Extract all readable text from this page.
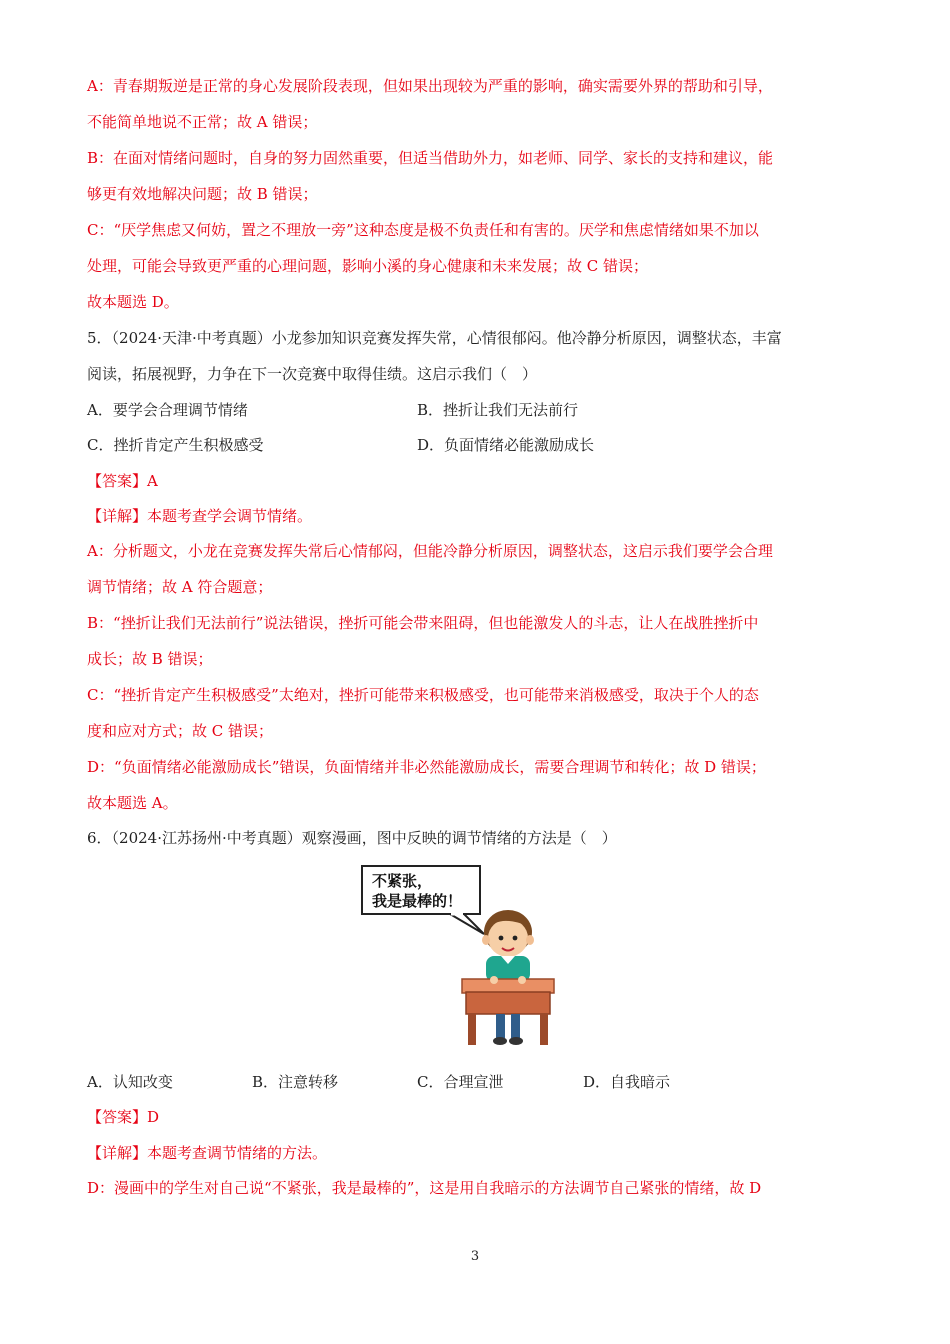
A：青春期叛逆是正常的身心发展阶段表现，但如果出现较为严重的影响，确实需要外界的帮助和引导，

不能简单地说不正常；故 A 错误；

B：在面对情绪问题时，自身的努力固然重要，但适当借助外力，如老师、同学、家长的支持和建议，能

够更有效地解决问题；故 B 错误；

C：“厌学焦虑又何妨，置之不理放一旁”这种态度是极不负责任和有害的。厌学和焦虑情绪如果不加以

处理，可能会导致更严重的心理问题，影响小溪的身心健康和未来发展；故 C 错误；

故本题选 D。

5．（2024·天津·中考真题）小龙参加知识竞赛发挥失常，心情很郁闷。他冷静分析原因，调整状态，丰富

阅读，拓展视野，力争在下一次竞赛中取得佳绩。这启示我们（　）

A．要学会合理调节情绪	B．挫折让我们无法前行
C．挫折肯定产生积极感受	D．负面情绪必能激励成长

【答案】A

【详解】本题考查学会调节情绪。

A：分析题文，小龙在竞赛发挥失常后心情郁闷，但能冷静分析原因，调整状态，这启示我们要学会合理

调节情绪；故 A 符合题意；

B：“挫折让我们无法前行”说法错误，挫折可能会带来阻碍，但也能激发人的斗志，让人在战胜挫折中

成长；故 B 错误；

C：“挫折肯定产生积极感受”太绝对，挫折可能带来积极感受，也可能带来消极感受，取决于个人的态

度和应对方式；故 C 错误；

D：“负面情绪必能激励成长”错误，负面情绪并非必然能激励成长，需要合理调节和转化；故 D 错误；

故本题选 A。

6．（2024·江苏扬州·中考真题）观察漫画，图中反映的调节情绪的方法是（　）

不紧张，
我是最棒的！
A．认知改变	B．注意转移	C．合理宣泄	D．自我暗示

【答案】D

【详解】本题考查调节情绪的方法。

D：漫画中的学生对自己说“不紧张，我是最棒的”，这是用自我暗示的方法调节自己紧张的情绪，故 D

3
